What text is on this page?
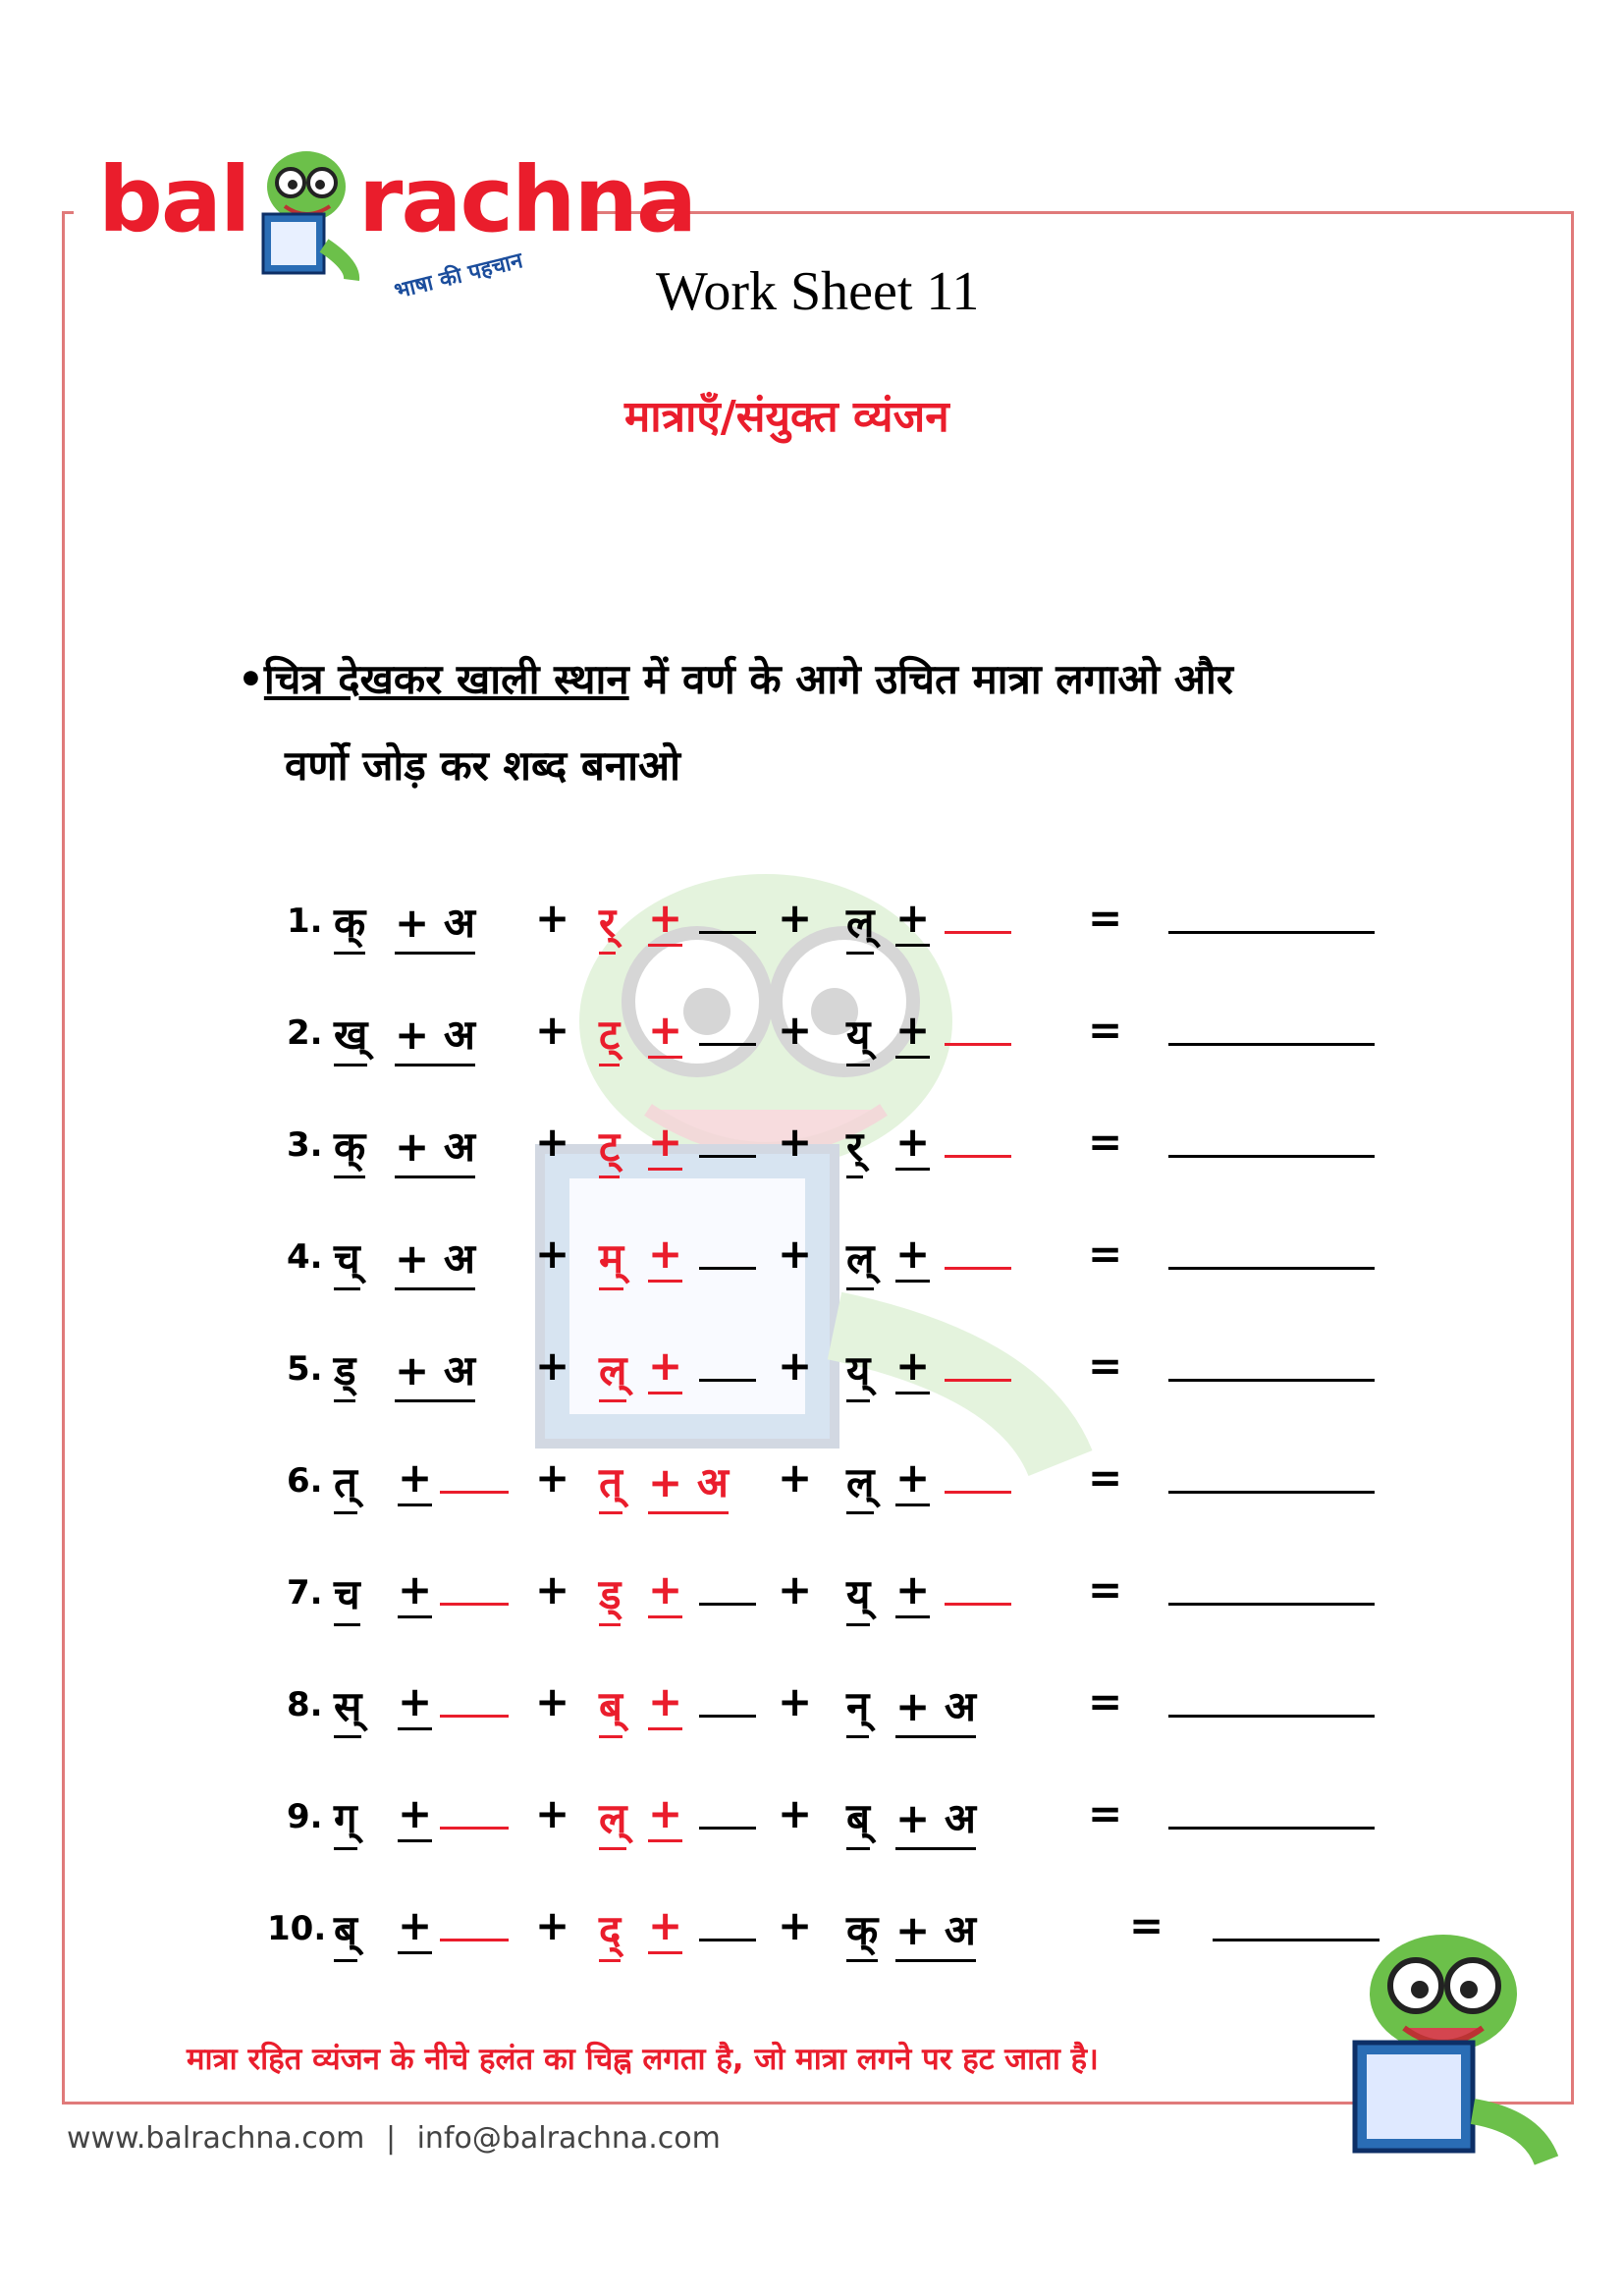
bal rachna
भाषा की पहचान Work Sheet 11
मात्राएँ/संयुक्त व्यंजन
•चित्र देखकर खाली स्थान में वर्ण के आगे उचित मात्रा लगाओ और
वर्णो जोड़ कर शब्द बनाओ
1. क् + अ + र् + + ल् +	=
2. ख् + अ + ट् + + य् +	=
3. क् + अ + ट् + + र् +	=
4. च् + अ + म् + + ल् +	=
5. ड् + अ + ल् + + य् +	=
6. त् + + त् + अ + ल् +	=
7. च + + ड् + + य् +	=
8. स् + + ब् + + न् + अ	=
9. ग् + + ल् + + ब् + अ	=
10. ब् + + द् + + क् + अ	=
मात्रा रहित व्यंजन के नीचे हलंत का चिह्न लगता है, जो मात्रा लगने पर हट जाता है।
www.balrachna.com | info@balrachna.com
